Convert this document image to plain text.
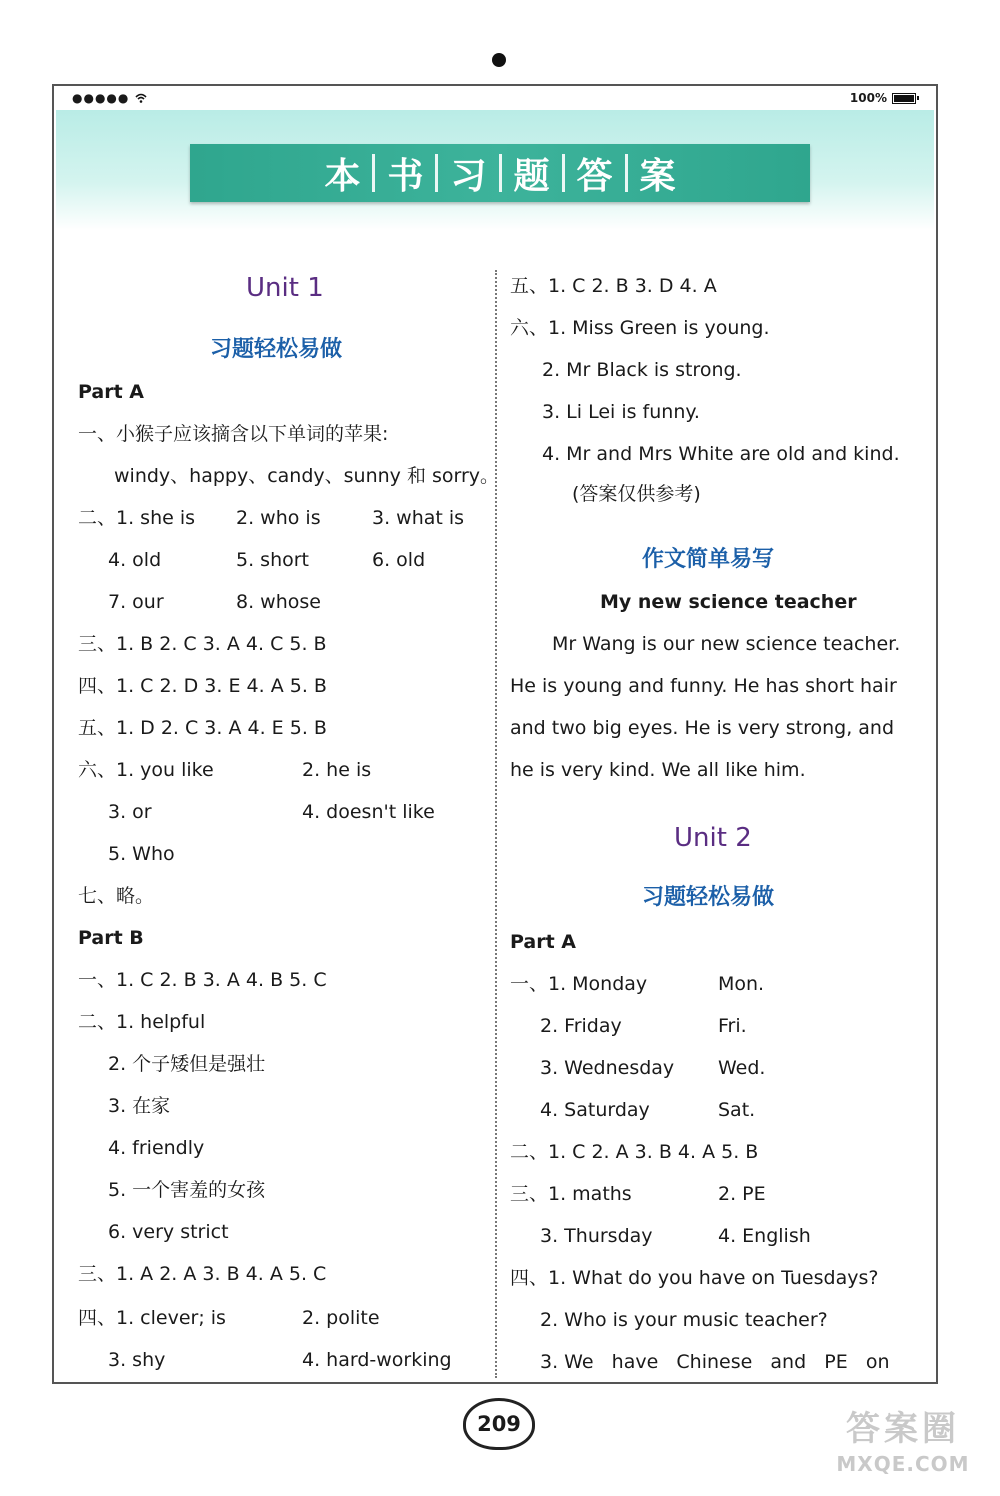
●●●●●	100%
本 书 习 题 答 案
Unit 1
习题轻松易做
Part A
一、小猴子应该摘含以下单词的苹果:
windy、happy、candy、sunny 和 sorry。
二、1. she is 2. who is	3. what is
4. old	5. short	6. old
7. our	8. whose
三、1. B 2. C 3. A 4. C 5. B
四、1. C 2. D 3. E 4. A 5. B
五、1. D 2. C 3. A 4. E 5. B
六、1. you like	2. he is
3. or	4. doesn't like
5. Who
七、略。
Part B
一、1. C 2. B 3. A 4. B 5. C
二、1. helpful
2. 个子矮但是强壮
3. 在家
4. friendly
5. 一个害羞的女孩
6. very strict
三、1. A 2. A 3. B 4. A 5. C
四、1. clever; is	2. polite
3. shy	4. hard-working
五、1. C 2. B 3. D 4. A
六、1. Miss Green is young.
2. Mr Black is strong.
3. Li Lei is funny.
4. Mr and Mrs White are old and kind.
(答案仅供参考)
作文简单易写
My new science teacher
Mr Wang is our new science teacher.
He is young and funny. He has short hair
and two big eyes. He is very strong, and
he is very kind. We all like him.
Unit 2
习题轻松易做
Part A
一、1. Monday	Mon.
2. Friday	Fri.
3. Wednesday Wed.
4. Saturday	Sat.
二、1. C 2. A 3. B 4. A 5. B
三、1. maths	2. PE
3. Thursday	4. English
四、1. What do you have on Tuesdays?
2. Who is your music teacher?
3. We   have   Chinese   and   PE   on
209	答案圈
MXQE.COM
